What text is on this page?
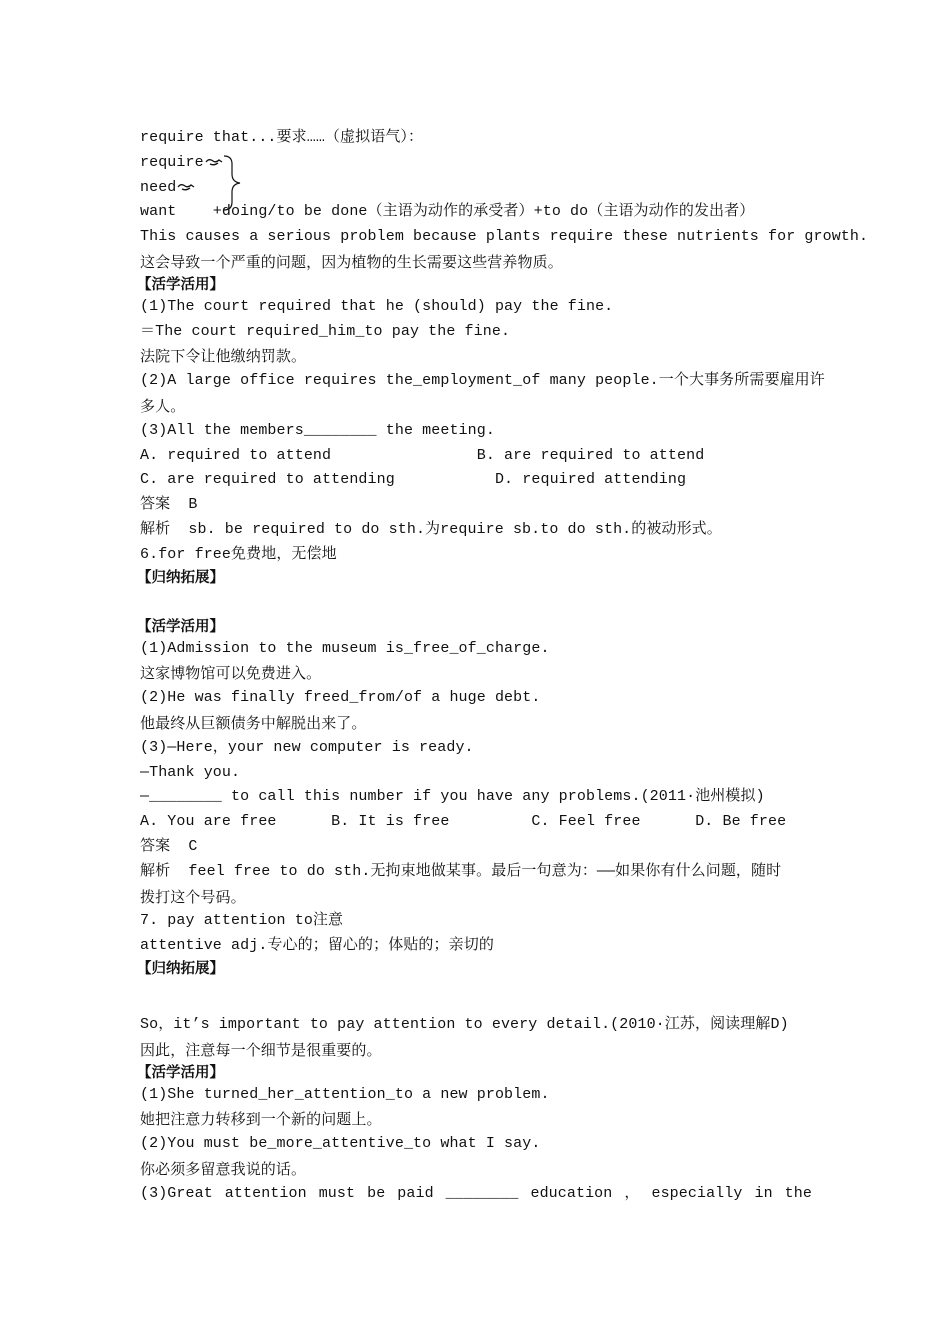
require that...要求……（虚拟语气）：
require
need
want    +doing/to be done（主语为动作的承受者）+to do（主语为动作的发出者）
This causes a serious problem because plants require these nutrients for growth.
这会导致一个严重的问题，因为植物的生长需要这些营养物质。
【活学活用】
(1)The court required that he (should) pay the fine.
＝The court required_him_to pay the fine.
法院下令让他缴纳罚款。
(2)A large office requires the_employment_of many people.一个大事务所需要雇用许
多人。
(3)All the members________ the meeting.
A. required to attend                B. are required to attend
C. are required to attending           D. required attending
答案  B
解析  sb. be required to do sth.为require sb.to do sth.的被动形式。
6.for free免费地，无偿地
【归纳拓展】
【活学活用】
(1)Admission to the museum is_free_of_charge.
这家博物馆可以免费进入。
(2)He was finally freed_from/of a huge debt.
他最终从巨额债务中解脱出来了。
(3)—Here，your new computer is ready.
—Thank you.
—________ to call this number if you have any problems.(2011·池州模拟)
A. You are free      B. It is free         C. Feel free      D. Be free
答案  C
解析  feel free to do sth.无拘束地做某事。最后一句意为：——如果你有什么问题，随时
拨打这个号码。
7. pay attention to注意
attentive adj.专心的；留心的；体贴的；亲切的
【归纳拓展】
So，it’s important to pay attention to every detail.(2010·江苏，阅读理解D)
因此，注意每一个细节是很重要的。
【活学活用】
(1)She turned_her_attention_to a new problem.
她把注意力转移到一个新的问题上。
(2)You must be_more_attentive_to what I say.
你必须多留意我说的话。
(3)Great attention must be paid ________ education ， especially in the
